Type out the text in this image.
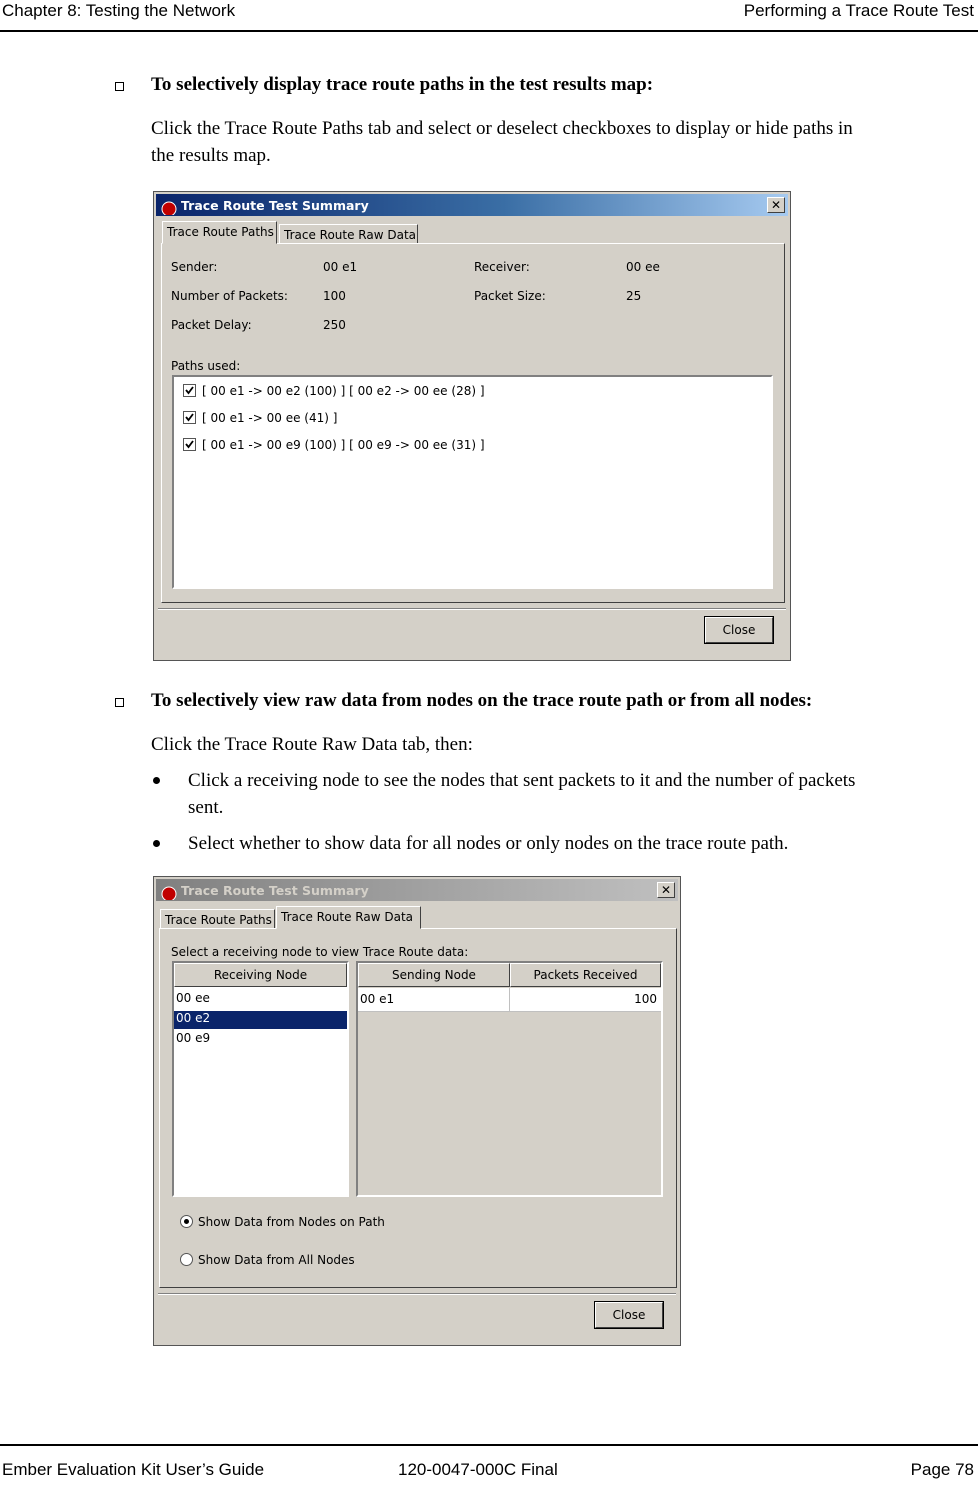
Chapter 8: Testing the Network	Performing a Trace Route Test
To selectively display trace route paths in the test results map:
Click the Trace Route Paths tab and select or deselect checkboxes to display or hide paths in
the results map.
Trace Route Test Summary	✕
Trace Route Paths Trace Route Raw Data
Sender:	00 e1	Receiver:	00 ee
Number of Packets:	100	Packet Size:	25
Packet Delay:	250
Paths used:
[ 00 e1 -> 00 e2 (100) ] [ 00 e2 -> 00 ee (28) ]
[ 00 e1 -> 00 ee (41) ]
[ 00 e1 -> 00 e9 (100) ] [ 00 e9 -> 00 ee (31) ]
Close
To selectively view raw data from nodes on the trace route path or from all nodes:
Click the Trace Route Raw Data tab, then:
Click a receiving node to see the nodes that sent packets to it and the number of packets
sent.
Select whether to show data for all nodes or only nodes on the trace route path.
Trace Route Test Summary	✕
Trace Route Paths Trace Route Raw Data
Select a receiving node to view Trace Route data:
Receiving Node
00 ee
00 e2
00 e9
Sending Node	Packets Received
00 e1	100
Show Data from Nodes on Path
Show Data from All Nodes
Close
Ember Evaluation Kit User’s Guide	120-0047-000C Final	Page 78
